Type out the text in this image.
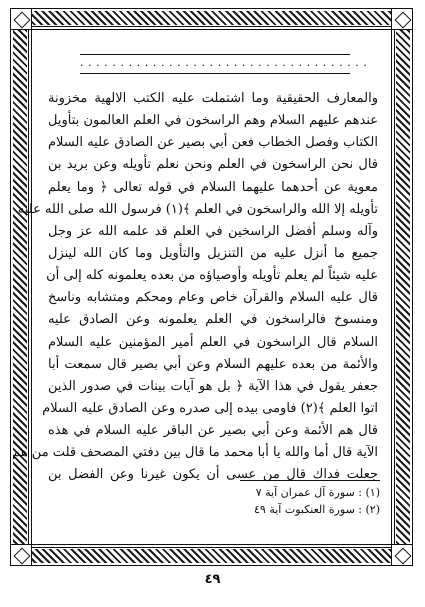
....................................
والمعارف الحقيقية وما اشتملت عليه الكتب الالهية مخزونة
عندهم عليهم السلام وهم الراسخون في العلم العالمون بتأويل
الكتاب وفصل الخطاب فعن أبي بصير عن الصادق عليه السلام
قال نحن الراسخون في العلم ونحن نعلم تأويله وعن بريد بن
معوية عن أحدهما عليهما السلام في قوله تعالى ﴿ وما يعلم
تأويله إلا الله والراسخون في العلم ﴾(١) فرسول الله صلى الله عليه
وآله وسلم أفضل الراسخين في العلم قد علمه الله عز وجل
جميع ما أنزل عليه من التنزيل والتأويل وما كان الله لينزل
عليه شيئاً لم يعلم تأويله وأوصياؤه من بعده يعلمونه كله إلى أن
قال عليه السلام والقرآن خاص وعام ومحكم ومتشابه وناسخ
ومنسوخ فالراسخون في العلم يعلمونه وعن الصادق عليه
السلام قال الراسخون في العلم أمير المؤمنين عليه السلام
والأئمة من بعده عليهم السلام وعن أبي بصير قال سمعت أبا
جعفر يقول في هذا الآية ﴿ بل هو آيات بينات في صدور الذين
اتوا العلم ﴾(٢) فاومى بيده إلى صدره وعن الصادق عليه السلام
قال هم الأئمة وعن أبي بصير عن الباقر عليه السلام في هذه
الآية قال أما والله يا أبا محمد ما قال بين دفتي المصحف قلت من هم
جعلت فداك قال من عسى أن يكون غيرنا وعن الفضل بن
(١) : سورة آل عمران آية ٧
(٢) : سورة العنكبوت آية ٤٩
٤٩
